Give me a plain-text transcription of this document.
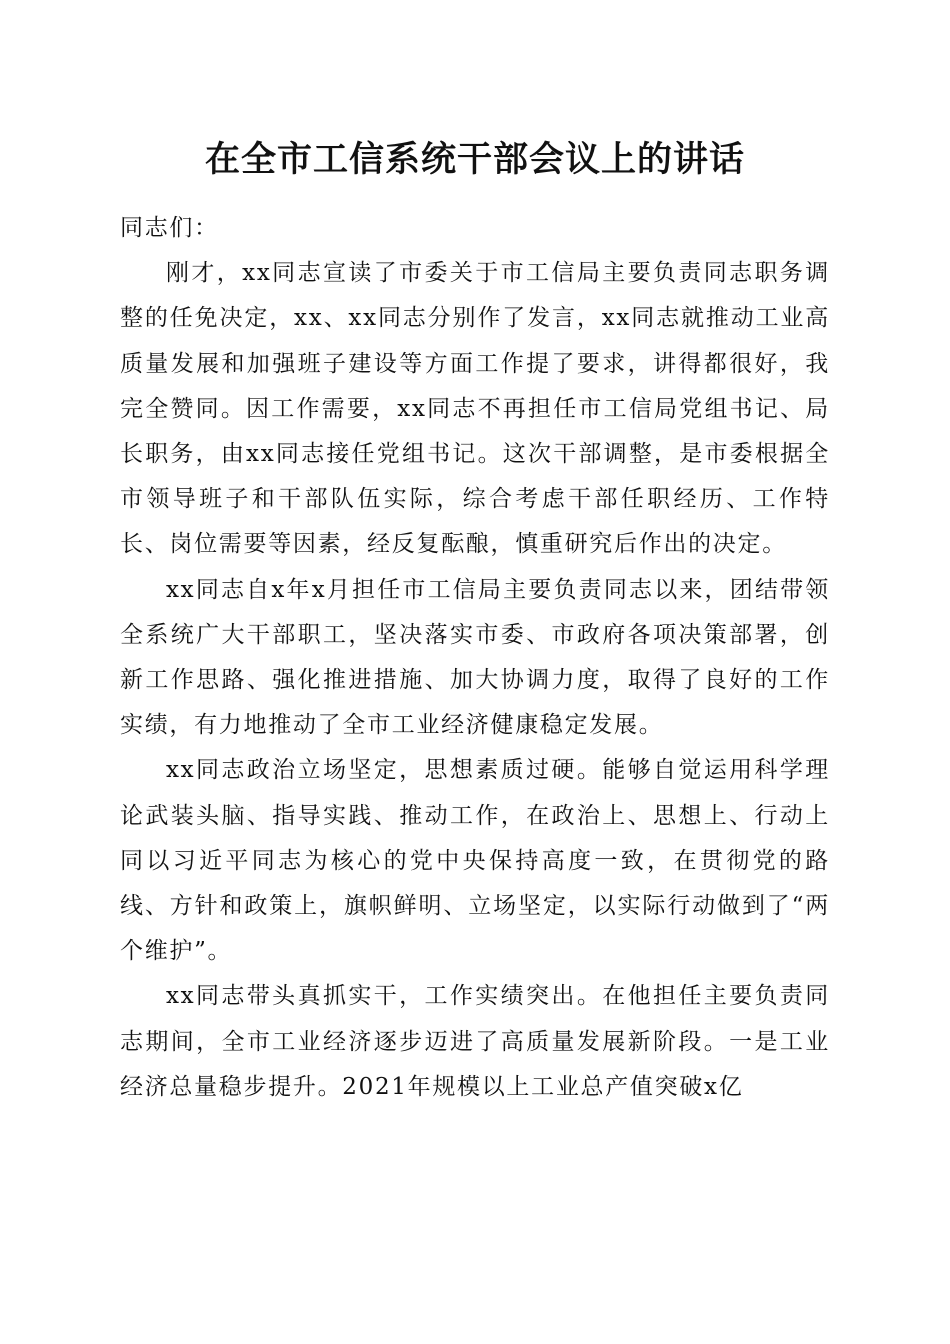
在全市工信系统干部会议上的讲话

同志们：

刚才，xx同志宣读了市委关于市工信局主要负责同志职务调整的任免决定，xx、xx同志分别作了发言，xx同志就推动工业高质量发展和加强班子建设等方面工作提了要求，讲得都很好，我完全赞同。因工作需要，xx同志不再担任市工信局党组书记、局长职务，由xx同志接任党组书记。这次干部调整，是市委根据全市领导班子和干部队伍实际，综合考虑干部任职经历、工作特长、岗位需要等因素，经反复酝酿，慎重研究后作出的决定。

xx同志自x年x月担任市工信局主要负责同志以来，团结带领全系统广大干部职工，坚决落实市委、市政府各项决策部署，创新工作思路、强化推进措施、加大协调力度，取得了良好的工作实绩，有力地推动了全市工业经济健康稳定发展。

xx同志政治立场坚定，思想素质过硬。能够自觉运用科学理论武装头脑、指导实践、推动工作，在政治上、思想上、行动上同以习近平同志为核心的党中央保持高度一致，在贯彻党的路线、方针和政策上，旗帜鲜明、立场坚定，以实际行动做到了“两个维护”。

xx同志带头真抓实干，工作实绩突出。在他担任主要负责同志期间，全市工业经济逐步迈进了高质量发展新阶段。一是工业经济总量稳步提升。2021年规模以上工业总产值突破x亿
